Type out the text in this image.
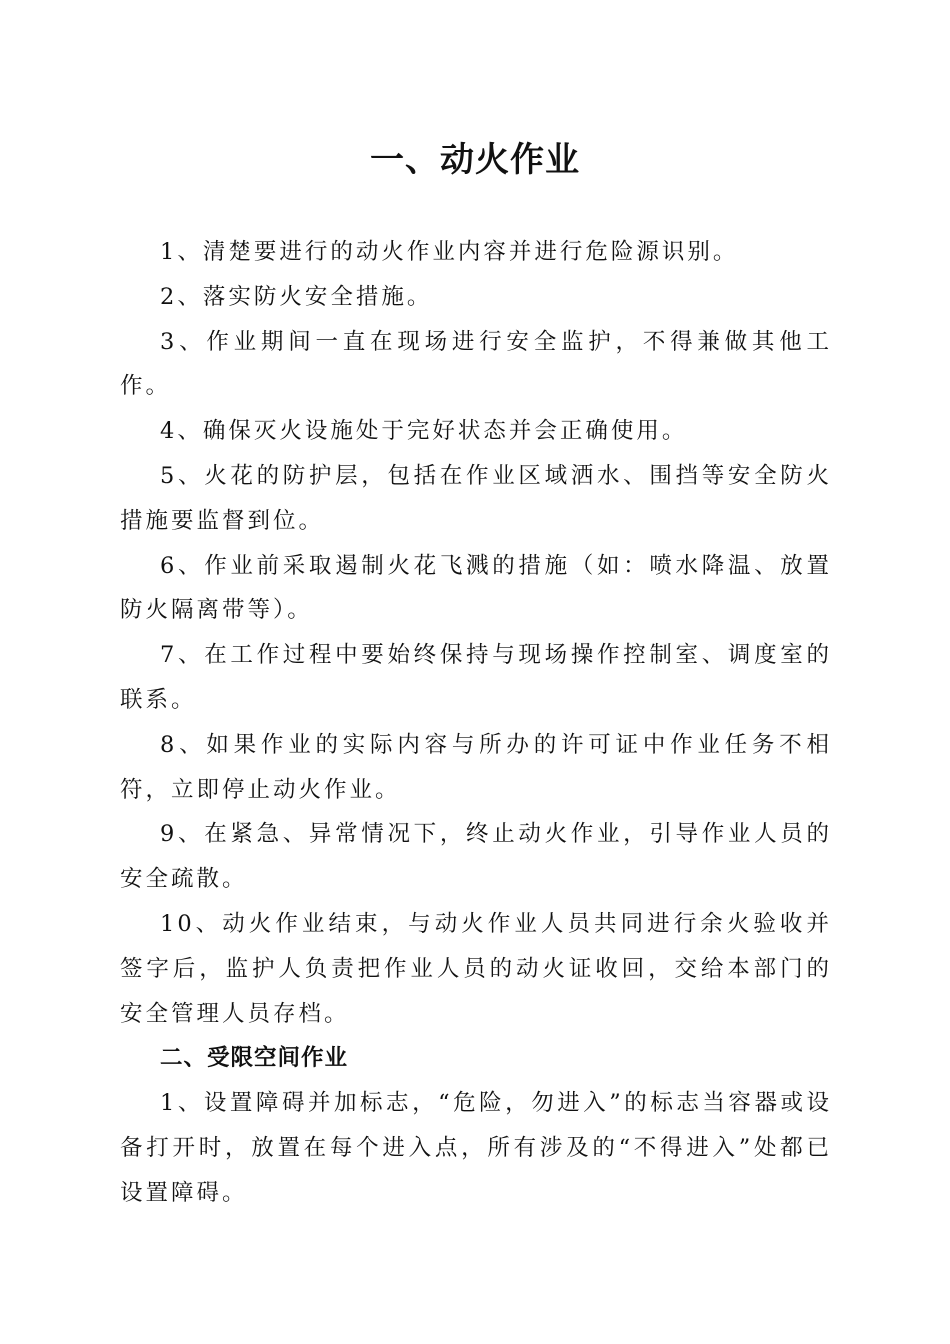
一、动火作业

1、清楚要进行的动火作业内容并进行危险源识别。

2、落实防火安全措施。

3、作业期间一直在现场进行安全监护，不得兼做其他工作。

4、确保灭火设施处于完好状态并会正确使用。

5、火花的防护层，包括在作业区域洒水、围挡等安全防火措施要监督到位。

6、作业前采取遏制火花飞溅的措施（如：喷水降温、放置防火隔离带等）。

7、在工作过程中要始终保持与现场操作控制室、调度室的联系。

8、如果作业的实际内容与所办的许可证中作业任务不相符，立即停止动火作业。

9、在紧急、异常情况下，终止动火作业，引导作业人员的安全疏散。

10、动火作业结束，与动火作业人员共同进行余火验收并签字后，监护人负责把作业人员的动火证收回，交给本部门的安全管理人员存档。

二、受限空间作业

1、设置障碍并加标志，“危险，勿进入”的标志当容器或设备打开时，放置在每个进入点，所有涉及的“不得进入”处都已设置障碍。
